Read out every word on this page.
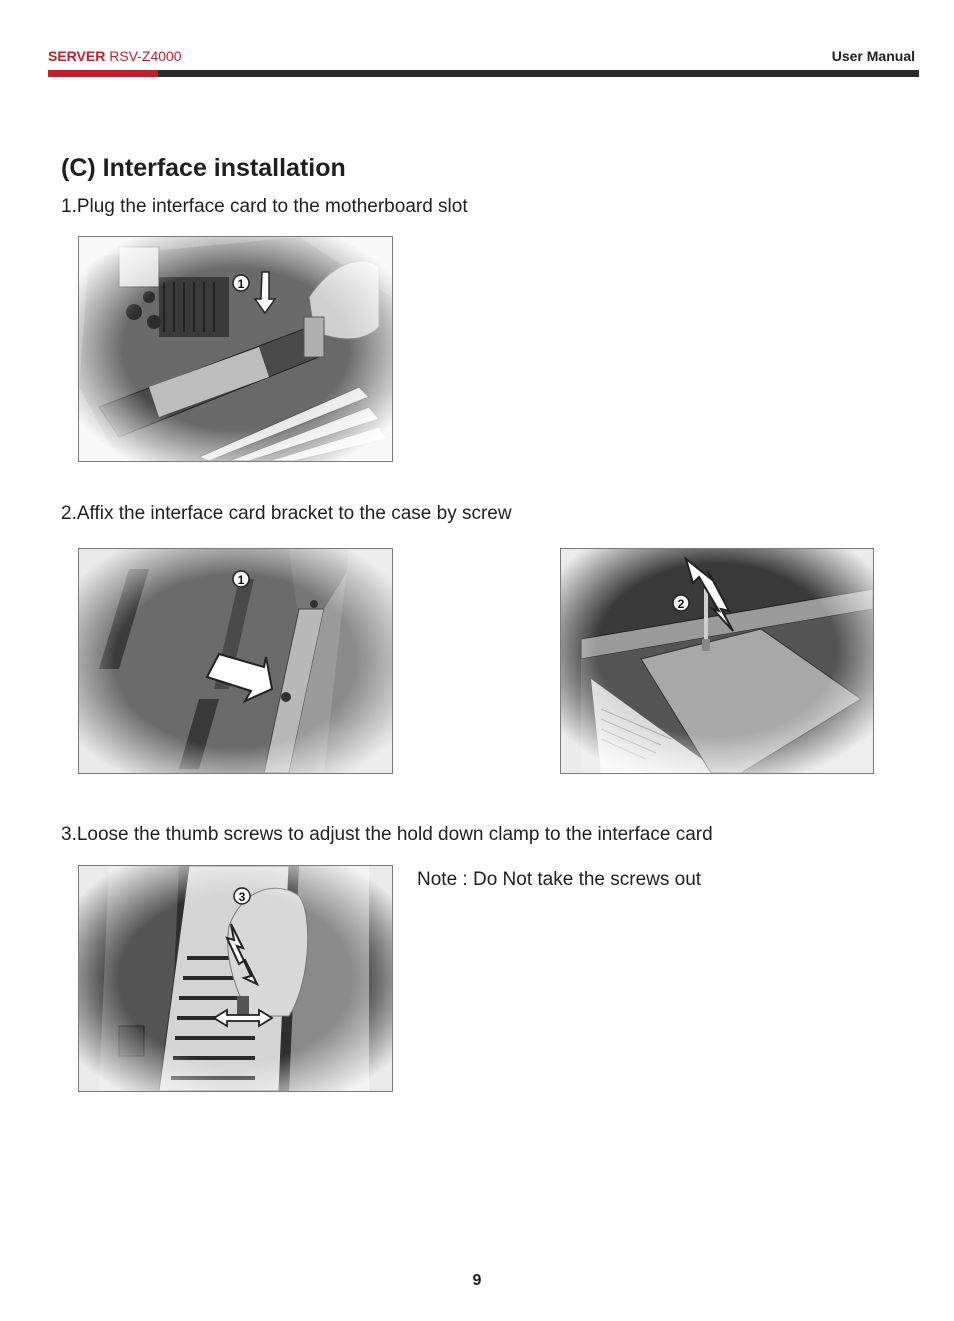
SERVER RSV-Z4000	User Manual
(C) Interface installation

1.Plug the interface card to the motherboard slot

1

2.Affix the interface card bracket to the case by screw

1
2

3.Loose the thumb screws to adjust the hold down clamp to the interface card

3

Note : Do Not take the screws out

9
